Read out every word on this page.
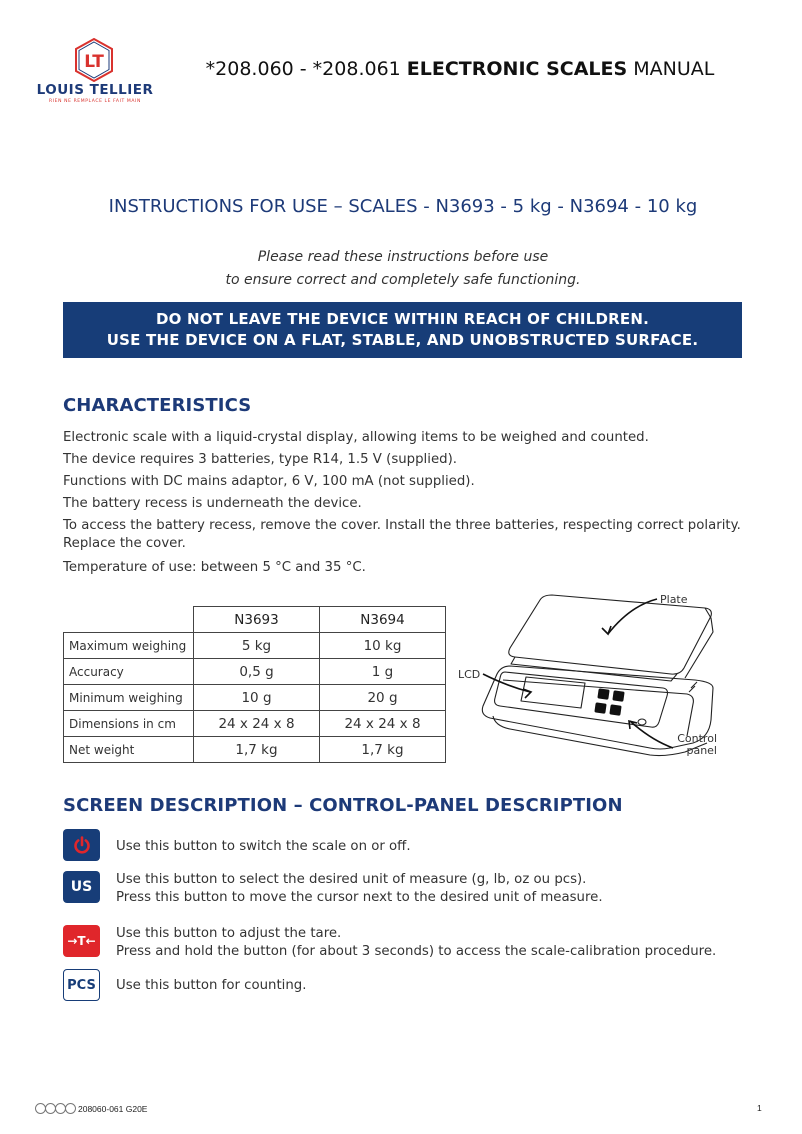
LT
LOUIS TELLIER
RIEN NE REMPLACE LE FAIT MAIN
*208.060 - *208.061 ELECTRONIC SCALES MANUAL
INSTRUCTIONS FOR USE – SCALES - N3693 - 5 kg - N3694 - 10 kg
Please read these instructions before use
to ensure correct and completely safe functioning.
DO NOT LEAVE THE DEVICE WITHIN REACH OF CHILDREN.
USE THE DEVICE ON A FLAT, STABLE, AND UNOBSTRUCTED SURFACE.
CHARACTERISTICS

Electronic scale with a liquid-crystal display, allowing items to be weighed and counted.

The device requires 3 batteries, type R14, 1.5 V (supplied).

Functions with DC mains adaptor, 6 V, 100 mA (not supplied).

The battery recess is underneath the device.

To access the battery recess, remove the cover. Install the three batteries, respecting correct polarity. Replace the cover.

Temperature of use: between 5 °C and 35 °C.

	N3693	N3694
Maximum weighing	5 kg	10 kg
Accuracy	0,5 g	1 g
Minimum weighing	10 g	20 g
Dimensions in cm	24 x 24 x 8	24 x 24 x 8
Net weight	1,7 kg	1,7 kg
Plate
LCD
Control
panel
SCREEN DESCRIPTION – CONTROL-PANEL DESCRIPTION
Use this button to switch the scale on or off.
US	Use this button to select the desired unit of measure (g, lb, oz ou pcs).
Press this button to move the cursor next to the desired unit of measure.
→T←	Use this button to adjust the tare.
Press and hold the button (for about 3 seconds) to access the scale-calibration procedure.
PCS	Use this button for counting.
208060-061 G20E	1
